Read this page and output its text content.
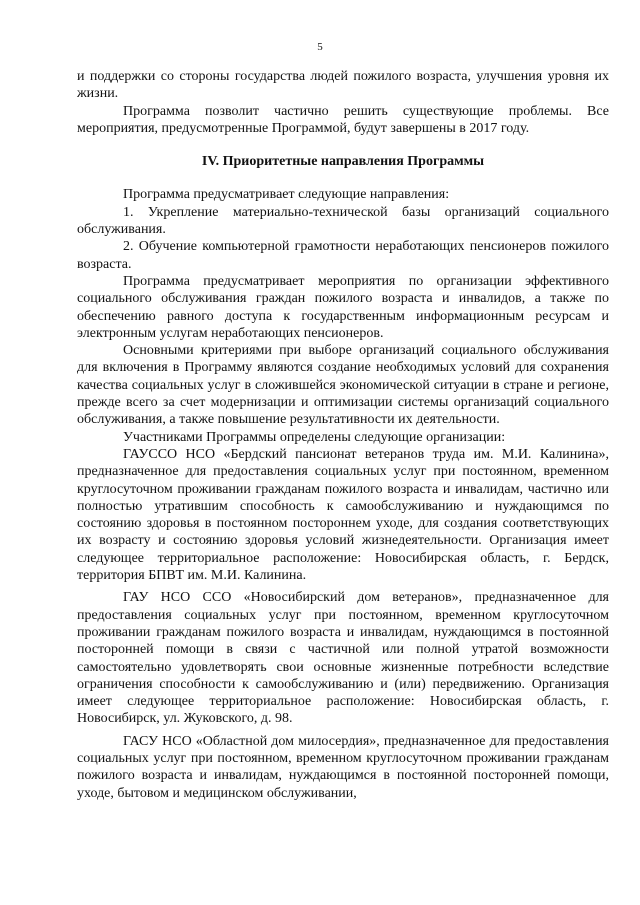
5

и поддержки со стороны государства людей пожилого возраста, улучшения уровня их жизни.

Программа позволит частично решить существующие проблемы. Все мероприятия, предусмотренные Программой, будут завершены в 2017 году.

IV. Приоритетные направления Программы

Программа предусматривает следующие направления:

1. Укрепление материально-технической базы организаций социального обслуживания.

2. Обучение компьютерной грамотности неработающих пенсионеров пожилого возраста.

Программа предусматривает мероприятия по организации эффективного социального обслуживания граждан пожилого возраста и инвалидов, а также по обеспечению равного доступа к государственным информационным ресурсам и электронным услугам неработающих пенсионеров.

Основными критериями при выборе организаций социального обслуживания для включения в Программу являются создание необходимых условий для сохранения качества социальных услуг в сложившейся экономической ситуации в стране и регионе, прежде всего за счет модернизации и оптимизации системы организаций социального обслуживания, а также повышение результативности их деятельности.

Участниками Программы определены следующие организации:

ГАУССО НСО «Бердский пансионат ветеранов труда им. М.И. Калинина», предназначенное для предоставления социальных услуг при постоянном, временном круглосуточном проживании гражданам пожилого возраста и инвалидам, частично или полностью утратившим способность к самообслуживанию и нуждающимся по состоянию здоровья в постоянном постороннем уходе, для создания соответствующих их возрасту и состоянию здоровья условий жизнедеятельности. Организация имеет следующее территориальное расположение: Новосибирская область, г. Бердск, территория БПВТ им. М.И. Калинина.

ГАУ НСО ССО «Новосибирский дом ветеранов», предназначенное для предоставления социальных услуг при постоянном, временном круглосуточном проживании гражданам пожилого возраста и инвалидам, нуждающимся в постоянной посторонней помощи в связи с частичной или полной утратой возможности самостоятельно удовлетворять свои основные жизненные потребности вследствие ограничения способности к самообслуживанию и (или) передвижению. Организация имеет следующее территориальное расположение: Новосибирская область, г. Новосибирск, ул. Жуковского, д. 98.

ГАСУ НСО «Областной дом милосердия», предназначенное для предоставления социальных услуг при постоянном, временном круглосуточном проживании гражданам пожилого возраста и инвалидам, нуждающимся в постоянной посторонней помощи, уходе, бытовом и медицинском обслуживании,
